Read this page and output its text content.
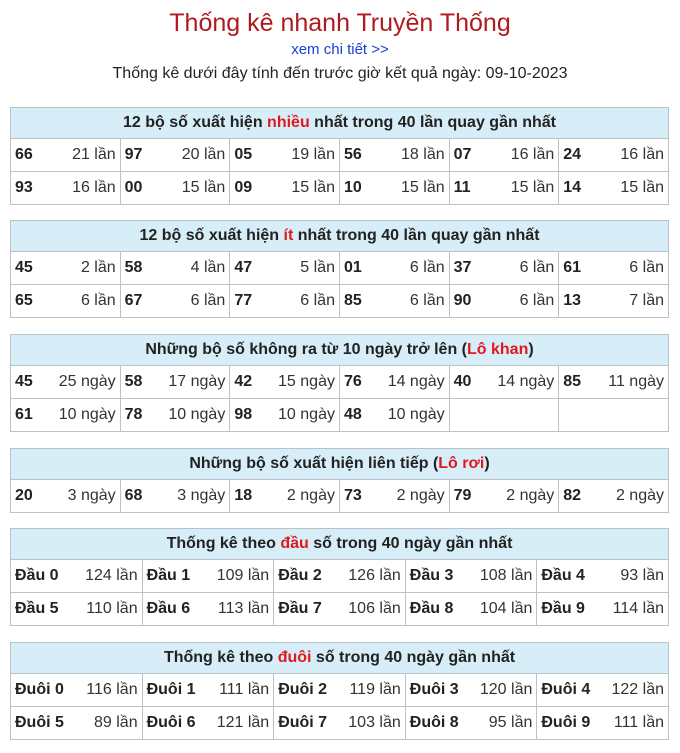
Thống kê nhanh Truyền Thống
xem chi tiết >>
Thống kê dưới đây tính đến trước giờ kết quả ngày: 09-10-2023
12 bộ số xuất hiện nhiều nhất trong 40 lần quay gần nhất					

66 21 lần	97 20 lần	05 19 lần	56 18 lần	07 16 lần	24 16 lần

93 16 lần	00 15 lần	09 15 lần	10 15 lần	11 15 lần	14 15 lần
12 bộ số xuất hiện ít nhất trong 40 lần quay gần nhất					

45 2 lần	58 4 lần	47 5 lần	01 6 lần	37 6 lần	61 6 lần

65 6 lần	67 6 lần	77 6 lần	85 6 lần	90 6 lần	13 7 lần
Những bộ số không ra từ 10 ngày trở lên (Lô khan)					

45 25 ngày	58 17 ngày	42 15 ngày	76 14 ngày	40 14 ngày	85 11 ngày

61 10 ngày	78 10 ngày	98 10 ngày	48 10 ngày		

Những bộ số xuất hiện liên tiếp (Lô rơi)

20 3 ngày	68 3 ngày	18 2 ngày	73 2 ngày	79 2 ngày	82 2 ngày
Thống kê theo đầu số trong 40 ngày gần nhất				

Đầu 0 124 lần	Đầu 1 109 lần	Đầu 2 126 lần	Đầu 3 108 lần	Đầu 4 93 lần

Đầu 5 110 lần	Đầu 6 113 lần	Đầu 7 106 lần	Đầu 8 104 lần	Đầu 9 114 lần
Thống kê theo đuôi số trong 40 ngày gần nhất				

Đuôi 0 116 lần	Đuôi 1 111 lần	Đuôi 2 119 lần	Đuôi 3 120 lần	Đuôi 4 122 lần

Đuôi 5 89 lần	Đuôi 6 121 lần	Đuôi 7 103 lần	Đuôi 8 95 lần	Đuôi 9 111 lần
